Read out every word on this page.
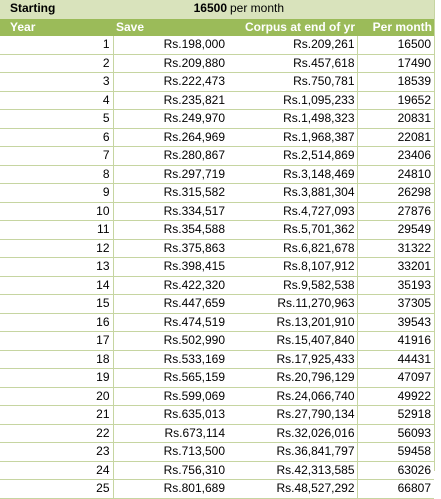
Starting	16500	per month	
Year	Save	Corpus at end of yr	Per month
1	Rs.198,000	Rs.209,261	16500
2	Rs.209,880	Rs.457,618	17490
3	Rs.222,473	Rs.750,781	18539
4	Rs.235,821	Rs.1,095,233	19652
5	Rs.249,970	Rs.1,498,323	20831
6	Rs.264,969	Rs.1,968,387	22081
7	Rs.280,867	Rs.2,514,869	23406
8	Rs.297,719	Rs.3,148,469	24810
9	Rs.315,582	Rs.3,881,304	26298
10	Rs.334,517	Rs.4,727,093	27876
11	Rs.354,588	Rs.5,701,362	29549
12	Rs.375,863	Rs.6,821,678	31322
13	Rs.398,415	Rs.8,107,912	33201
14	Rs.422,320	Rs.9,582,538	35193
15	Rs.447,659	Rs.11,270,963	37305
16	Rs.474,519	Rs.13,201,910	39543
17	Rs.502,990	Rs.15,407,840	41916
18	Rs.533,169	Rs.17,925,433	44431
19	Rs.565,159	Rs.20,796,129	47097
20	Rs.599,069	Rs.24,066,740	49922
21	Rs.635,013	Rs.27,790,134	52918
22	Rs.673,114	Rs.32,026,016	56093
23	Rs.713,500	Rs.36,841,797	59458
24	Rs.756,310	Rs.42,313,585	63026
25	Rs.801,689	Rs.48,527,292	66807
